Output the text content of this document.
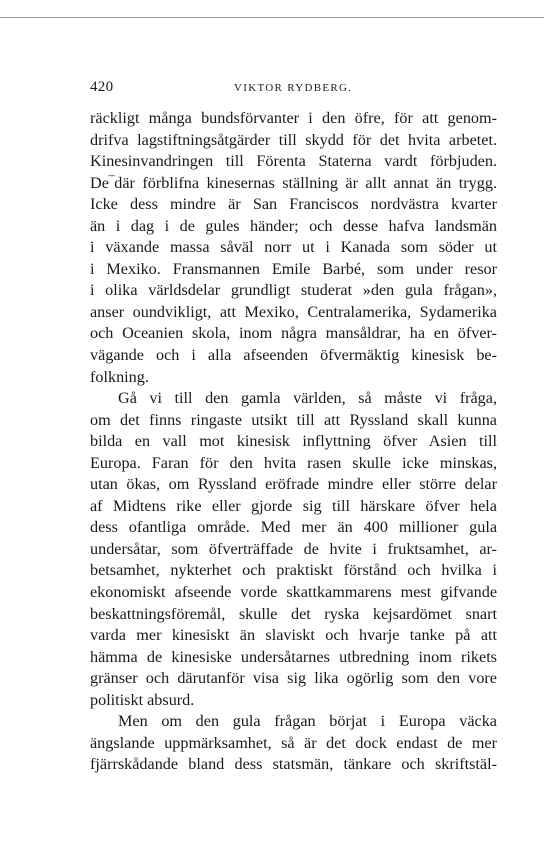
420	VIKTOR RYDBERG.
räckligt många bundsförvanter i den öfre, för att genom-
drifva lagstiftningsåtgärder till skydd för det hvita arbetet.
Kinesinvandringen till Förenta Staterna vardt förbjuden.
De‾där förblifna kinesernas ställning är allt annat än trygg.
Icke dess mindre är San Franciscos nordvästra kvarter
än i dag i de gules händer; och desse hafva landsmän
i växande massa såväl norr ut i Kanada som söder ut
i Mexiko. Fransmannen Emile Barbé, som under resor
i olika världsdelar grundligt studerat »den gula frågan»,
anser oundvikligt, att Mexiko, Centralamerika, Sydamerika
och Oceanien skola, inom några mansåldrar, ha en öfver-
vägande och i alla afseenden öfvermäktig kinesisk be-
folkning.
Gå vi till den gamla världen, så måste vi fråga,
om det finns ringaste utsikt till att Ryssland skall kunna
bilda en vall mot kinesisk inflyttning öfver Asien till
Europa. Faran för den hvita rasen skulle icke minskas,
utan ökas, om Ryssland eröfrade mindre eller större delar
af Midtens rike eller gjorde sig till härskare öfver hela
dess ofantliga område. Med mer än 400 millioner gula
undersåtar, som öfverträffade de hvite i fruktsamhet, ar-
betsamhet, nykterhet och praktiskt förstånd och hvilka i
ekonomiskt afseende vorde skattkammarens mest gifvande
beskattningsföremål, skulle det ryska kejsardömet snart
varda mer kinesiskt än slaviskt och hvarje tanke på att
hämma de kinesiske undersåtarnes utbredning inom rikets
gränser och därutanför visa sig lika ogörlig som den vore
politiskt absurd.
Men om den gula frågan börjat i Europa väcka
ängslande uppmärksamhet, så är det dock endast de mer
fjärrskådande bland dess statsmän, tänkare och skriftstäl-
